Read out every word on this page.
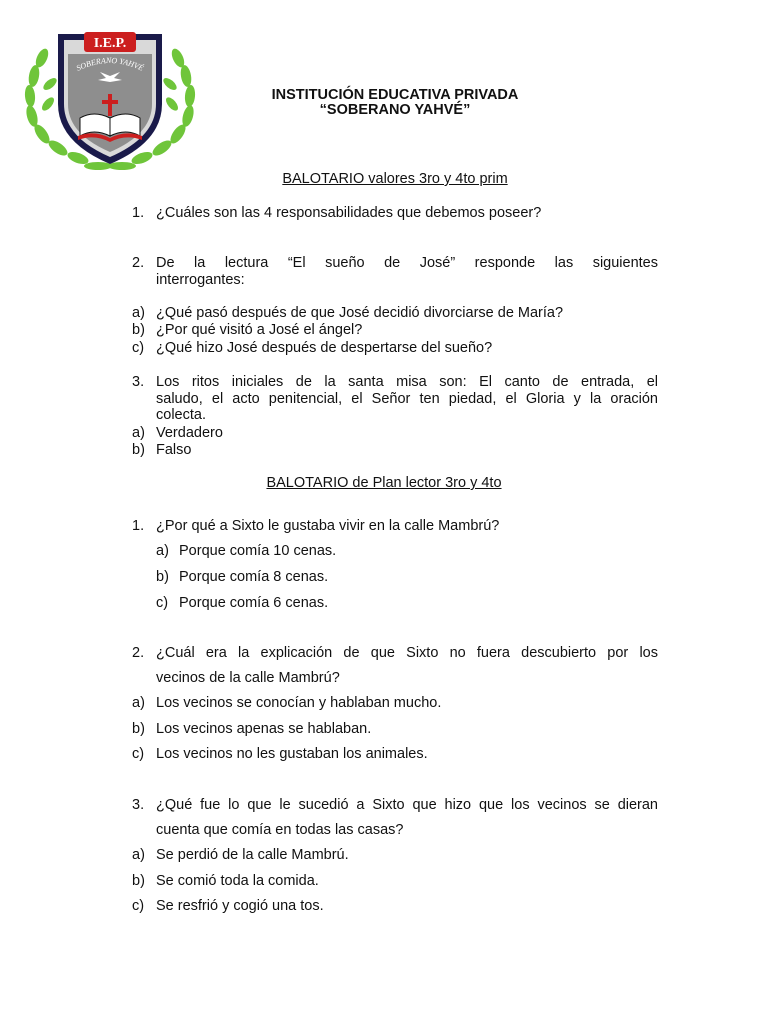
I.E.P.
SOBERANO YAHVÉ
INSTITUCIÓN EDUCATIVA PRIVADA
“SOBERANO YAHVÉ”
BALOTARIO valores 3ro y 4to prim
1. ¿Cuáles son las 4 responsabilidades que debemos poseer?
2. De la lectura “El sueño de José” responde las siguientes
interrogantes:
a) ¿Qué pasó después de que José decidió divorciarse de María?
b) ¿Por qué visitó a José el ángel?
c) ¿Qué hizo José después de despertarse del sueño?
3. Los ritos iniciales de la santa misa son: El canto de entrada, el
saludo, el acto penitencial, el Señor ten piedad, el Gloria y la oración
colecta.
a) Verdadero
b) Falso
BALOTARIO de Plan lector 3ro y 4to
1. ¿Por qué a Sixto le gustaba vivir en la calle Mambrú?
a) Porque comía 10 cenas.
b) Porque comía 8 cenas.
c) Porque comía 6 cenas.
2. ¿Cuál era la explicación de que Sixto no fuera descubierto por los
vecinos de la calle Mambrú?
a) Los vecinos se conocían y hablaban mucho.
b) Los vecinos apenas se hablaban.
c) Los vecinos no les gustaban los animales.
3. ¿Qué fue lo que le sucedió a Sixto que hizo que los vecinos se dieran
cuenta que comía en todas las casas?
a) Se perdió de la calle Mambrú.
b) Se comió toda la comida.
c) Se resfrió y cogió una tos.
